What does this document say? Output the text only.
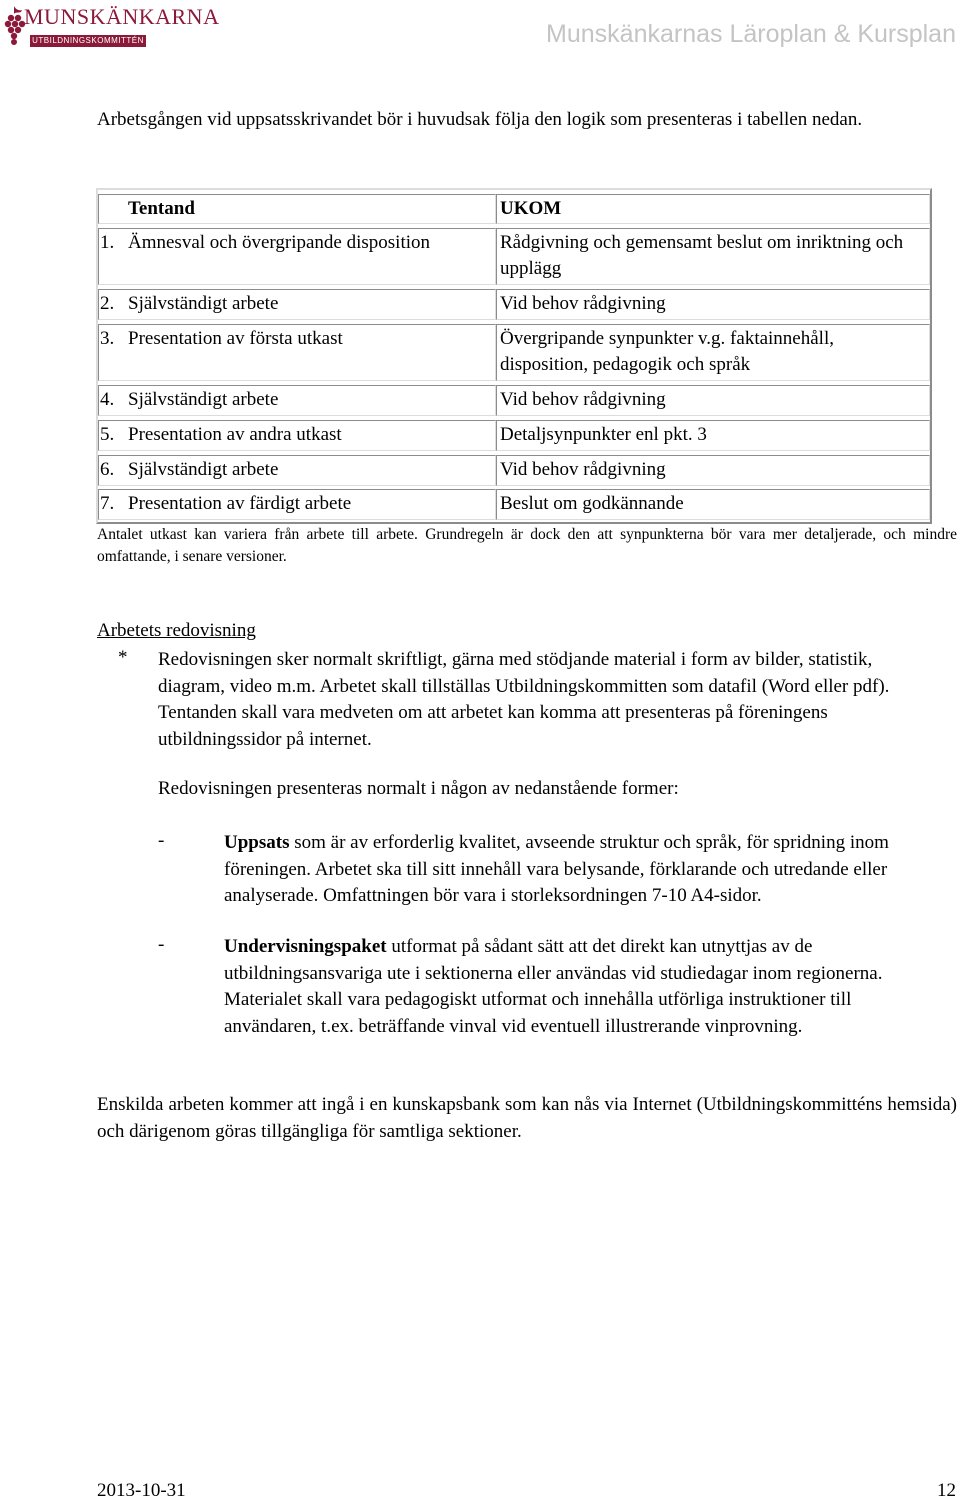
MUNSKÄNKARNA
UTBILDNINGSKOMMITTÉN	Munskänkarnas Läroplan & Kursplan
Arbetsgången vid uppsatsskrivandet bör i huvudsak följa den logik som presenteras i tabellen nedan.
Tentand	UKOM
1. Ämnesval och övergripande disposition	Rådgivning och gemensamt beslut om inriktning och upplägg
2. Självständigt arbete	Vid behov rådgivning
3. Presentation av första utkast	Övergripande synpunkter v.g. faktainnehåll, disposition, pedagogik och språk
4. Självständigt arbete	Vid behov rådgivning
5. Presentation av andra utkast	Detaljsynpunkter enl pkt. 3
6. Självständigt arbete	Vid behov rådgivning
7. Presentation av färdigt arbete	Beslut om godkännande
Antalet utkast kan variera från arbete till arbete. Grundregeln är dock den att synpunkterna bör vara mer detaljerade, och mindre omfattande, i senare versioner.
Arbetets redovisning
* Redovisningen sker normalt skriftligt, gärna med stödjande material i form av bilder, statistik, diagram, video m.m. Arbetet skall tillställas Utbildningskommitten som datafil (Word eller pdf). Tentanden skall vara medveten om att arbetet kan komma att presenteras på föreningens utbildningssidor på internet.
Redovisningen presenteras normalt i någon av nedanstående former:
-	Uppsats som är av erforderlig kvalitet, avseende struktur och språk, för spridning inom föreningen. Arbetet ska till sitt innehåll vara belysande, förklarande och utredande eller analyserade. Omfattningen bör vara i storleksordningen 7-10 A4-sidor.
-	Undervisningspaket utformat på sådant sätt att det direkt kan utnyttjas av de utbildningsansvariga ute i sektionerna eller användas vid studiedagar inom regionerna. Materialet skall vara pedagogiskt utformat och innehålla utförliga instruktioner till användaren, t.ex. beträffande vinval vid eventuell illustrerande vinprovning.
Enskilda arbeten kommer att ingå i en kunskapsbank som kan nås via Internet (Utbildningskommitténs hemsida) och därigenom göras tillgängliga för samtliga sektioner.
2013-10-31	12
